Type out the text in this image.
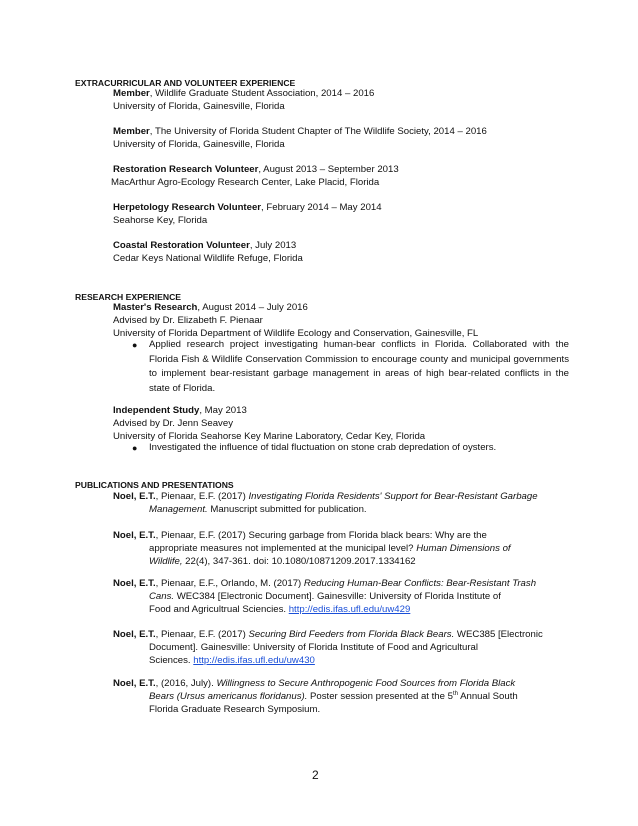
EXTRACURRICULAR AND VOLUNTEER EXPERIENCE
Member, Wildlife Graduate Student Association, 2014 – 2016
University of Florida, Gainesville, Florida
Member, The University of Florida Student Chapter of The Wildlife Society, 2014 – 2016
University of Florida, Gainesville, Florida
Restoration Research Volunteer, August 2013 – September 2013
MacArthur Agro-Ecology Research Center, Lake Placid, Florida
Herpetology Research Volunteer, February 2014 – May 2014
Seahorse Key, Florida
Coastal Restoration Volunteer, July 2013
Cedar Keys National Wildlife Refuge, Florida
RESEARCH EXPERIENCE
Master's Research, August 2014 – July 2016
Advised by Dr. Elizabeth F. Pienaar
University of Florida Department of Wildlife Ecology and Conservation, Gainesville, FL
● Applied research project investigating human-bear conflicts in Florida. Collaborated with the Florida Fish & Wildlife Conservation Commission to encourage county and municipal governments to implement bear-resistant garbage management in areas of high bear-related conflicts in the state of Florida.
Independent Study, May 2013
Advised by Dr. Jenn Seavey
University of Florida Seahorse Key Marine Laboratory, Cedar Key, Florida
● Investigated the influence of tidal fluctuation on stone crab depredation of oysters.
PUBLICATIONS AND PRESENTATIONS
Noel, E.T., Pienaar, E.F. (2017) Investigating Florida Residents' Support for Bear-Resistant Garbage
Management. Manuscript submitted for publication.
Noel, E.T., Pienaar, E.F. (2017) Securing garbage from Florida black bears: Why are the
appropriate measures not implemented at the municipal level? Human Dimensions of
Wildlife, 22(4), 347-361. doi: 10.1080/10871209.2017.1334162
Noel, E.T., Pienaar, E.F., Orlando, M. (2017) Reducing Human-Bear Conflicts: Bear-Resistant Trash
Cans. WEC384 [Electronic Document]. Gainesville: University of Florida Institute of
Food and Agricultrual Sciencies. http://edis.ifas.ufl.edu/uw429
Noel, E.T., Pienaar, E.F. (2017) Securing Bird Feeders from Florida Black Bears. WEC385 [Electronic
Document]. Gainesville: University of Florida Institute of Food and Agricultural
Sciences. http://edis.ifas.ufl.edu/uw430
Noel, E.T., (2016, July). Willingness to Secure Anthropogenic Food Sources from Florida Black
Bears (Ursus americanus floridanus). Poster session presented at the 5th Annual South
Florida Graduate Research Symposium.
2
